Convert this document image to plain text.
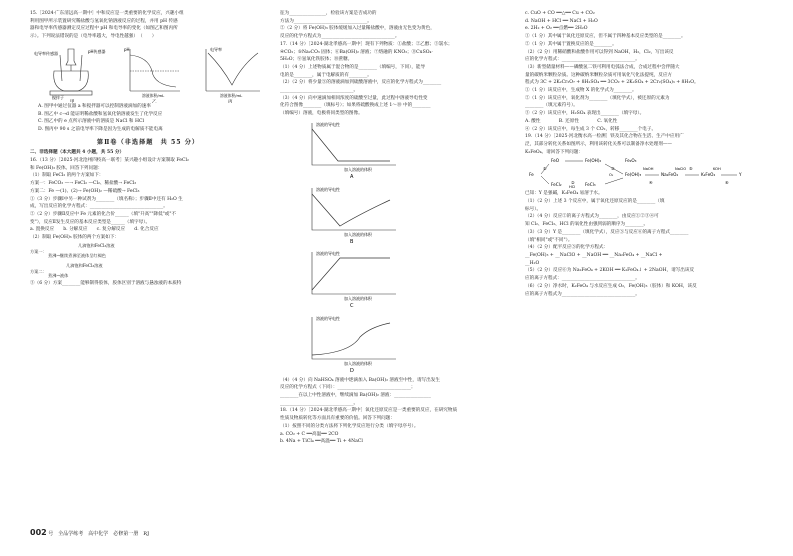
15.［2024·广东清远高一期中］中和反应是一类重要的化学反应，兴趣小组

利用图甲所示装置研究稀盐酸与氢氧化钠溶液反应的过程，并用 pH 传感

器和电导率传感器测定反应过程中 pH 和电导率的变化（如图乙和图丙所

示）。下列说法错误的是（电导率越大，导电性越强）　（　　）

电导率传感器	pH传感器
搅拌子
甲
pH
溶液体积/mL
乙
电导率
溶液体积/mL
丙

A. 图甲中通过仪器 a 和搅拌器可以控制溶液滴加的速率

B. 图乙中 c→d 能证明稀盐酸和氢氧化钠溶液发生了化学反应

C. 图乙中的 e 点所示溶液中的溶质是 NaCl 和 HCl

D. 图丙中 90 s 之前电导率下降是因为生成的电解质不能电离

第Ⅱ卷（非选择题　共 55 分）

二、非选择题（本大题共 4 小题，共 55 分）

16.（13 分）［2025·河北沧州四校高一联考］某兴趣小组设计方案制取 FeCl₂

和 Fe(OH)₃ 胶体。回答下列问题：

（1）制取 FeCl₂ 的两个方案如下：

方案一：FeCO₃ —→ FeCl₂ —Cl₂、稀盐酸→ FeCl₃

方案二：Fe —(1)、(2)→ Fe(OH)₂ —稀硫酸→ FeCl₃

①（3 分）步骤Ⅰ中另一种试剂为________（填名称）；步骤Ⅱ中还有 H₂O 生

成，写出反应的化学方程式：________________________________。

②（2 分）步骤Ⅱ反应中 Fe 元素的化合价______（填"升高""降低"或"不

变"），反应Ⅱ发生反应的基本反应类型是______（填字母）。

a. 置换反应　　b. 分解反应　　c. 复分解反应　　d. 化合反应

（2）制取 Fe(OH)₃ 胶体的两个方案如下：

方案一：
几滴饱和FeCl₃溶液
煮沸→继续煮沸至液体呈红褐色
方案二：
几滴饱和FeCl₃溶液
煮沸→液体

③（6 分）方案________能够制得胶体，胶体区别于溶液与悬浊液的本质特

征为________________，检验该方案是否成功的

方法为________________________________。

②（2 分）将 Fe(OH)₃ 胶体缓缓加入过量稀盐酸中，溶液由无色变为黄色，

反应的化学方程式为________________________________。

17.（14 分）［2024·湖北孝感高一期中］现有下列物质：①盐酸；②乙醇；③氯水；

④CO₂；⑤Na₂CO₃ 固体；⑥Ba(OH)₂ 溶液；⑦熔融的 KNO₃；⑧CuSO₄·

5H₂O；⑨氢氧化铁胶体；⑩蔗糖。

（1）（4 分）上述物质属于混合物的是________（填编号，下同），能导

电的是________，属于电解质的有________。

（2）（2 分）将少量⑤的溶液滴加到硫酸溶液中，反应的化学方程式为________

________________________________。

（3）（4 分）向中速滴加相同浓度的硫酸至过量，此过程中溶液导电性变

化符合图像________（填标号）；如果将硫酸换成上述 1～⑩ 中的________

（填编号）溶液，电极将同类型的图像。

溶液的导电性
加入溶液的体积
A
溶液的导电性
加入溶液的体积
B
溶液的导电性
加入溶液的体积
C
溶液的导电性
加入溶液的体积
D

（4）（4 分）向 NaHSO₄ 溶液中逐滴加入 Ba(OH)₂ 溶液至中性，请写出发生

反应的化学方程式（下同）：________________________________；

________在以上中性溶液中，继续滴加 Ba(OH)₂ 溶液：________________

________________________________。

18.（14 分）［2024·湖北孝感高一期中］氧化还原反应是一类重要的反应，在研究物质

性质及物质转化等方面具有重要的价值。回答下列问题：

（1）按照不同的分类方法将下列化学反应进行分类（填字母序号）。

a. CO₂ + C ══高温══ 2CO

b. 4Na + TiCl₄ ══高温══ Ti + 4NaCl

c. CuO + CO ══△══ Cu + CO₂

d. NaOH + HCl ══ NaCl + H₂O

e. 2H₂ + O₂ ══点燃══ 2H₂O

①（1 分）其中属于氧化还原反应，但不属于四种基本反应类型的是________。

②（1 分）其中属于置换反应的是________。

（2）（2 分）用稀硝酸和盐酸作用可以得到 NaOH，H₂，Cl₂，写出该反

应的化学方程式：________________________________。

（3）新型储量材料——磷酸氢二铁可利用电弧法合成，合成过程中会伴随大

量的碳纳米颗粒杂质。这种碳纳米颗粒杂质可用氧化气化法提纯，反应方

程式为 3C + 2K₂Cr₂O₇ + 8H₂SO₄ ══ 3CO₂ + 2K₂SO₄ + 2Cr₂(SO₄)₃ + 8H₂O。

①（1 分）该反应中，生成物 X 的化学式为________。

②（1 分）该反应中，氧化剂为________（填化学式），被还原的元素为

________（填元素符号）。

③（2 分）该反应中，H₂SO₄ 表现出________（填字母）。

A. 酸性　　　　B. 还原性　　　　C. 氧化性

④（2 分）该反应中，每生成 3 个 CO₂，转移________个电子。

19.（14 分）［2025·河北衡水高一检测］铁及其化合物在生活、生产中应用广

泛，其部分转化关系如图所示，利用该转化关系可以制备净水处理剂——

K₂FeO₄。请回答下列问题：

Fe
FeO	Fe(OH)₂
FeCl₂
Fe(OH)₃
FeCl₃
Na₂FeO₄	K₂FeO₄	Y
Fe₂O₃
①
②
③
④
⑤
⑥
NaOH	NaClO	KOH
O₂
HCl

已知：Y 是强碱，K₂FeO₄ 易溶于水。

（1）（2 分）上述 3 个反应中，属于氧化还原反应的是________（填

标号）。

（2）（4 分）反应②的离子方程式为________，由反应①②③④可

知 Cl₂、FeCl₃、HCl 的氧化性由强到弱的顺序为________。

（3）（3 分）Y 是________（填化学式），反应⑤与反应⑥的离子方程式________

（填"相同"或"不同"）。

（4）（2 分）配平反应⑤的化学方程式：

__Fe(OH)₃ + __NaClO + __NaOH ══ __Na₂FeO₄ + __NaCl +

__H₂O

（5）（2 分）反应⑥为 Na₂FeO₄ + 2KOH ══ K₂FeO₄↓ + 2NaOH，请写出该反

应的离子方程式：________________________________。

（6）（2 分）净水时，K₂FeO₄ 与水反应生成 O₂，Fe(OH)₃（胶体）和 KOH，该反

应的离子方程式为________________________________。

002 号　全品学练考　高中化学　必修第一册　RJ
